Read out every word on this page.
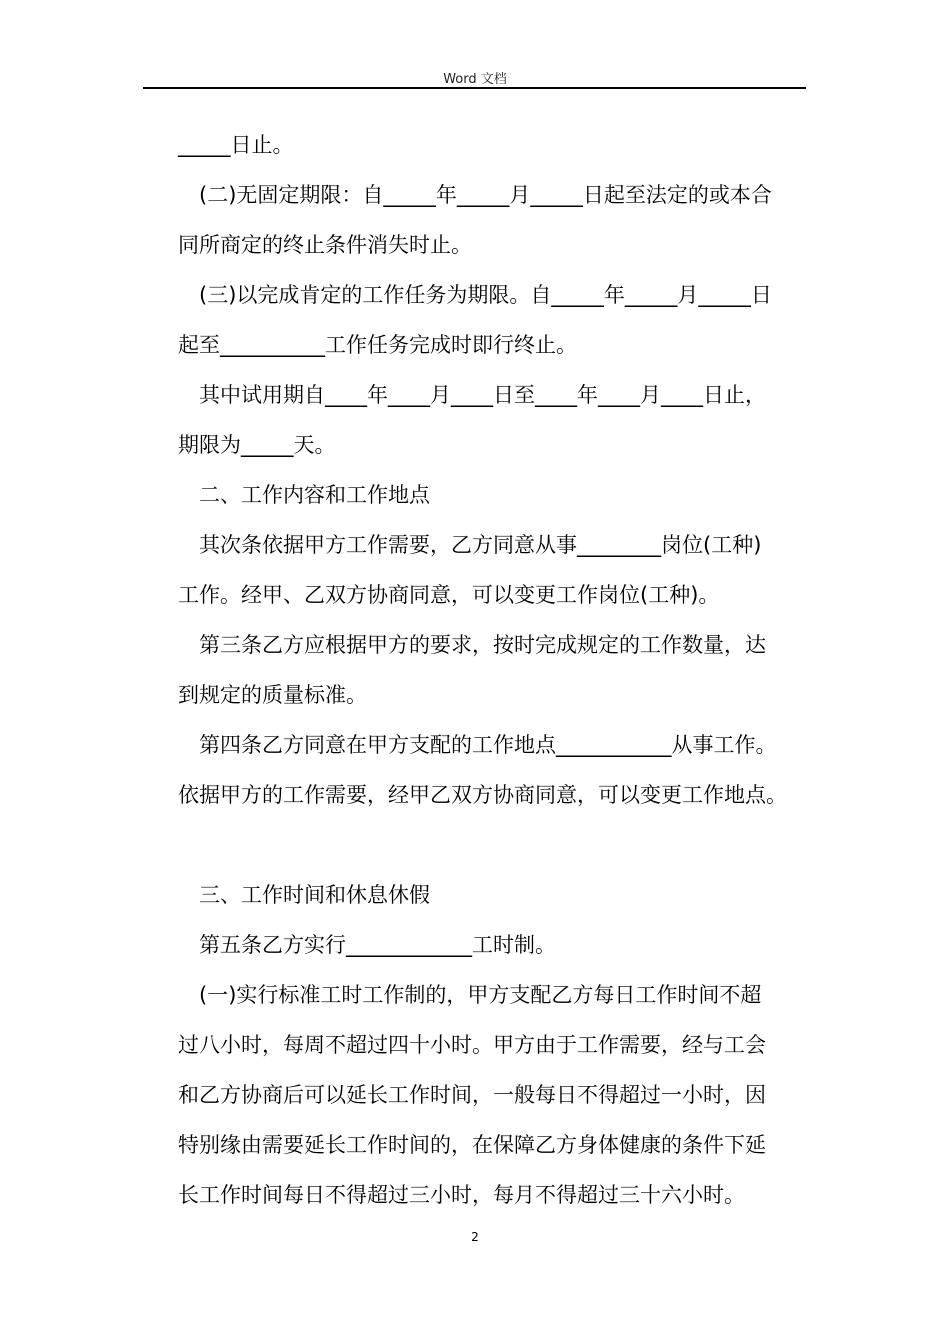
Word 文档
_____日止。
(二)无固定期限：自_____年_____月_____日起至法定的或本合
同所商定的终止条件消失时止。
(三)以完成肯定的工作任务为期限。自_____年_____月_____日
起至__________工作任务完成时即行终止。
其中试用期自____年____月____日至____年____月____日止，
期限为_____天。
二、工作内容和工作地点
其次条依据甲方工作需要，乙方同意从事________岗位(工种)
工作。经甲、乙双方协商同意，可以变更工作岗位(工种)。
第三条乙方应根据甲方的要求，按时完成规定的工作数量，达
到规定的质量标准。
第四条乙方同意在甲方支配的工作地点___________从事工作。
依据甲方的工作需要，经甲乙双方协商同意，可以变更工作地点。
三、工作时间和休息休假
第五条乙方实行____________工时制。
(一)实行标准工时工作制的，甲方支配乙方每日工作时间不超
过八小时，每周不超过四十小时。甲方由于工作需要，经与工会
和乙方协商后可以延长工作时间，一般每日不得超过一小时，因
特别缘由需要延长工作时间的，在保障乙方身体健康的条件下延
长工作时间每日不得超过三小时，每月不得超过三十六小时。
2
